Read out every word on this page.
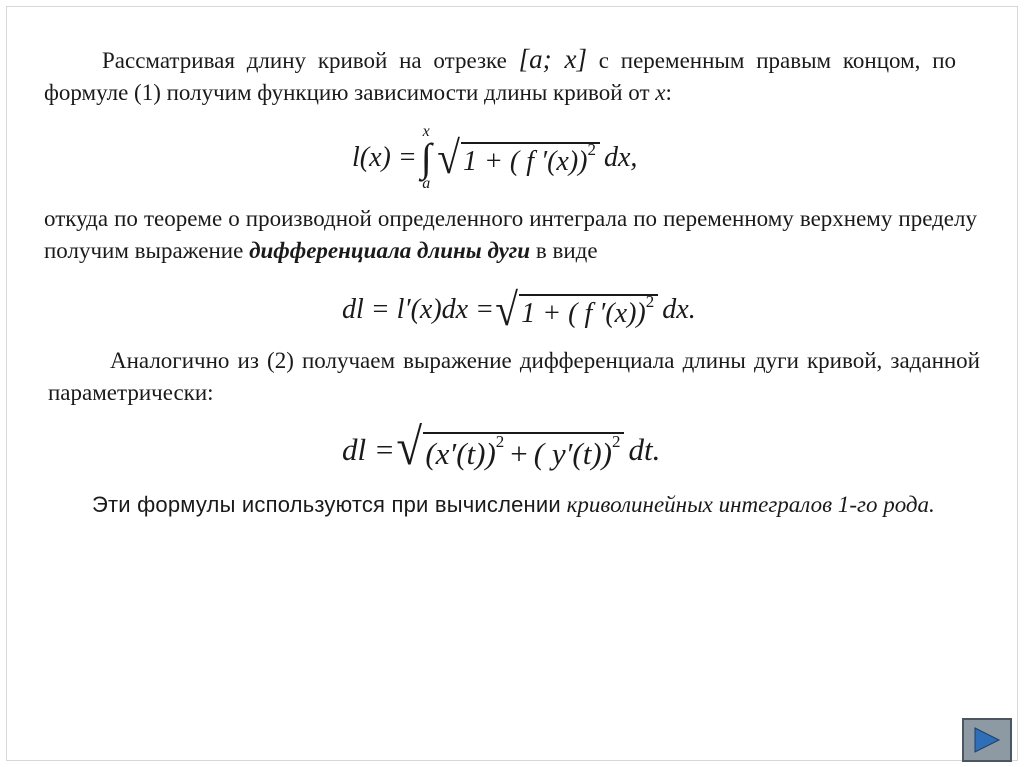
Рассматривая длину кривой на отрезке [a; x] с переменным правым концом, по формуле (1) получим функцию зависимости длины кривой от x:
l(x) =
x
∫
a
√ 1 + ( f ′(x)) 2 dx,
откуда по теореме о производной определенного интеграла по переменному верхнему пределу получим выражение дифференциала длины дуги в виде
dl = l′(x)dx = √ 1 + ( f ′(x)) 2 dx.
Аналогично из (2) получаем выражение дифференциала длины дуги кривой, заданной параметрически:
dl = √ (x′(t)) 2 + ( y′(t)) 2 dt.
Эти формулы используются при вычислении криволинейных интегралов 1-го рода.
